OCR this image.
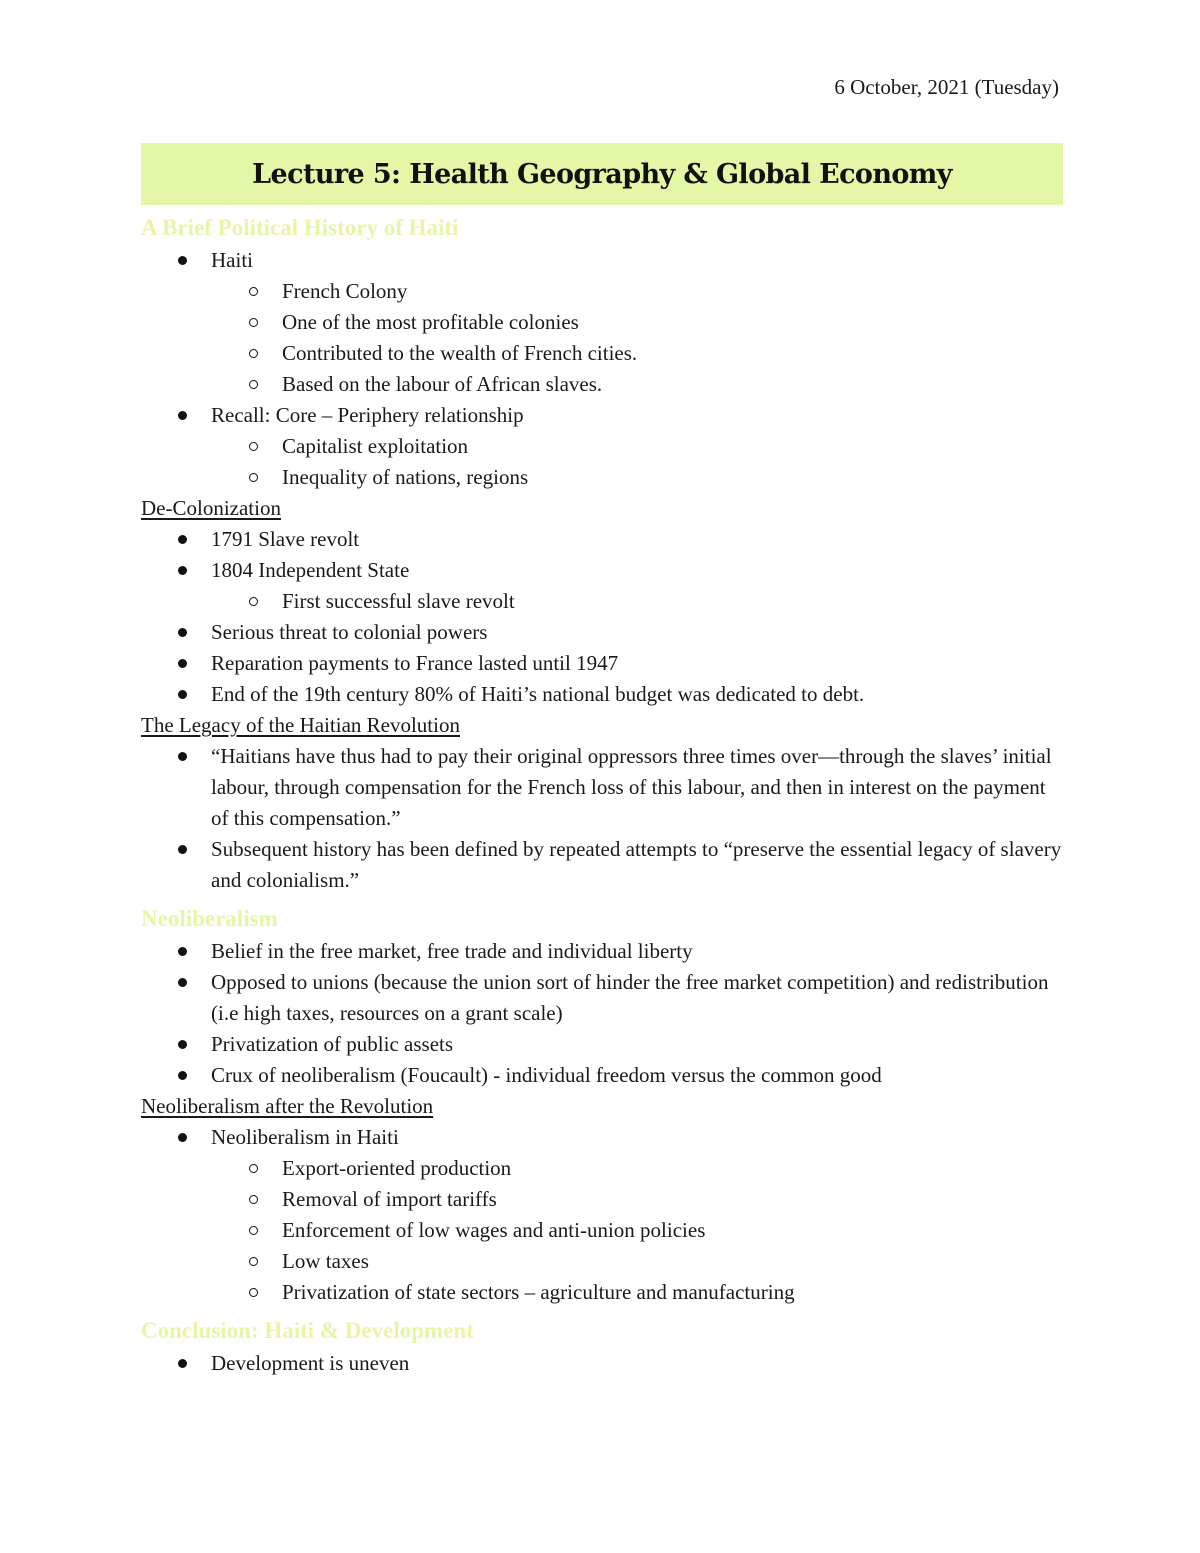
6 October, 2021 (Tuesday)
Lecture 5: Health Geography & Global Economy
A Brief Political History of Haiti
Haiti
French Colony
One of the most profitable colonies
Contributed to the wealth of French cities.
Based on the labour of African slaves.
Recall: Core – Periphery relationship
Capitalist exploitation
Inequality of nations, regions
De-Colonization
1791 Slave revolt
1804 Independent State
First successful slave revolt
Serious threat to colonial powers
Reparation payments to France lasted until 1947
End of the 19th century 80% of Haiti’s national budget was dedicated to debt.
The Legacy of the Haitian Revolution
“Haitians have thus had to pay their original oppressors three times over—through the slaves’ initial labour, through compensation for the French loss of this labour, and then in interest on the payment of this compensation.”
Subsequent history has been defined by repeated attempts to “preserve the essential legacy of slavery and colonialism.”
Neoliberalism
Belief in the free market, free trade and individual liberty
Opposed to unions (because the union sort of hinder the free market competition) and redistribution (i.e high taxes, resources on a grant scale)
Privatization of public assets
Crux of neoliberalism (Foucault) - individual freedom versus the common good
Neoliberalism after the Revolution
Neoliberalism in Haiti
Export-oriented production
Removal of import tariffs
Enforcement of low wages and anti-union policies
Low taxes
Privatization of state sectors – agriculture and manufacturing
Conclusion: Haiti & Development
Development is uneven
